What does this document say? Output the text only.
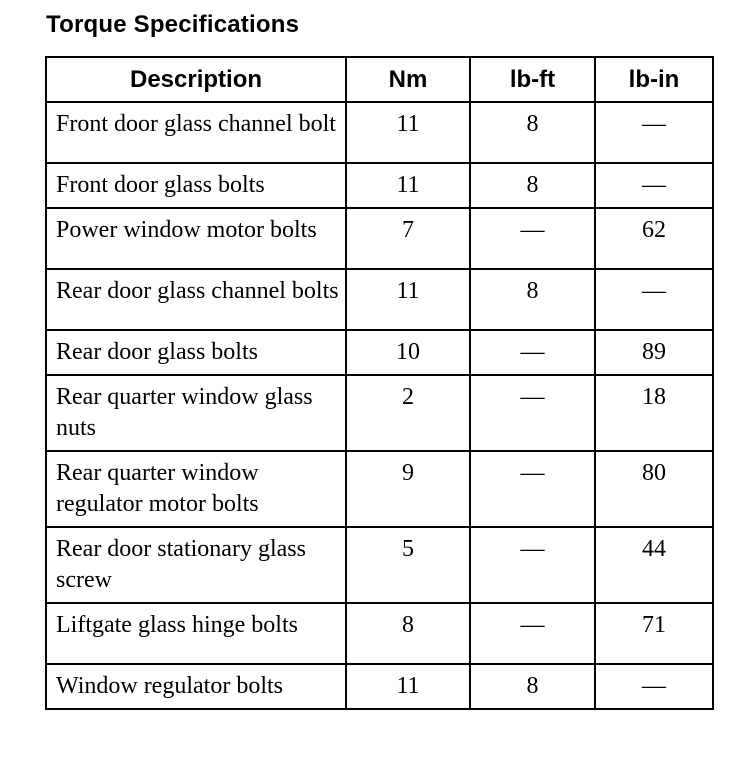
Torque Specifications
Description	Nm	lb-ft	lb-in
Front door glass channel bolt	11	8	—
Front door glass bolts	11	8	—
Power window motor bolts	7	—	62
Rear door glass channel bolts	11	8	—
Rear door glass bolts	10	—	89
Rear quarter window glass nuts	2	—	18
Rear quarter window regulator motor bolts	9	—	80
Rear door stationary glass screw	5	—	44
Liftgate glass hinge bolts	8	—	71
Window regulator bolts	11	8	—
